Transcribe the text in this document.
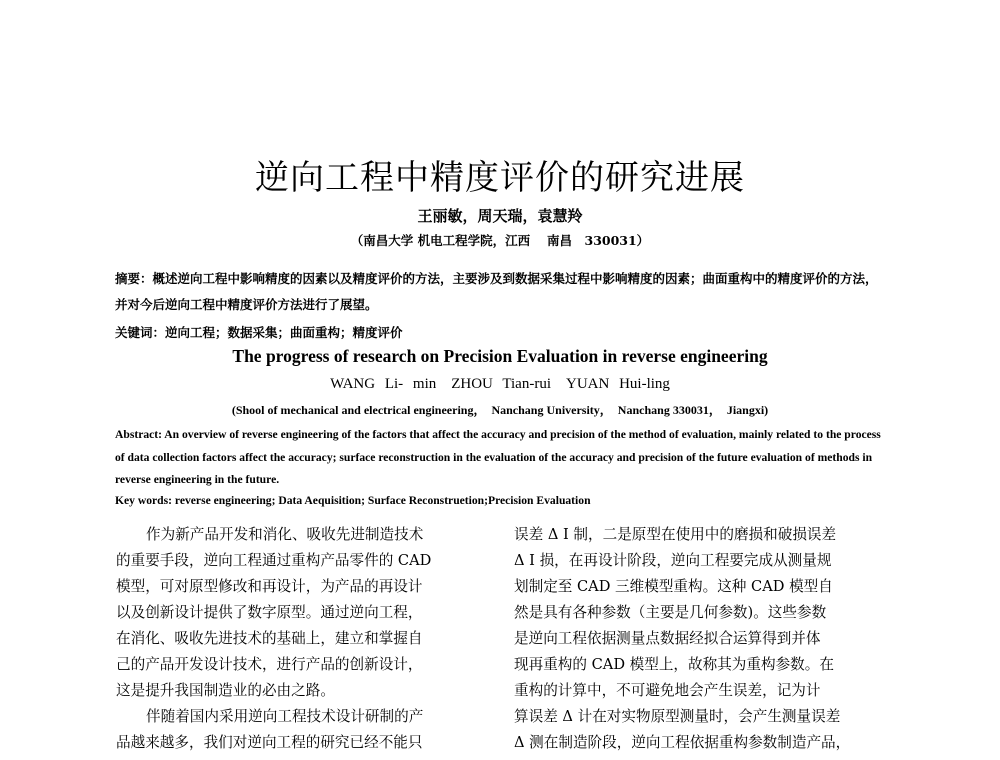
逆向工程中精度评价的研究进展
王丽敏，周天瑞，袁慧羚
（南昌大学 机电工程学院，江西　 南昌　330031）
摘要：概述逆向工程中影响精度的因素以及精度评价的方法，主要涉及到数据采集过程中影响精度的因素；曲面重构中的精度评价的方法，并对今后逆向工程中精度评价方法进行了展望。
关键词：逆向工程；数据采集；曲面重构；精度评价
The progress of research on Precision Evaluation in reverse engineering
WANG Li- min　ZHOU Tian-rui　YUAN Hui-ling
(Shool of mechanical and electrical engineering，　Nanchang University，　Nanchang 330031，　Jiangxi)
Abstract: An overview of reverse engineering of the factors that affect the accuracy and precision of the method of evaluation, mainly related to the process of data collection factors affect the accuracy; surface reconstruction in the evaluation of the accuracy and precision of the future evaluation of methods in reverse engineering in the future.
Key words: reverse engineering; Data Aequisition; Surface Reconstruetion;Precision Evaluation
作为新产品开发和消化、吸收先进制造技术
的重要手段，逆向工程通过重构产品零件的 CAD
模型，可对原型修改和再设计，为产品的再设计
以及创新设计提供了数字原型。通过逆向工程，
在消化、吸收先进技术的基础上，建立和掌握自
己的产品开发设计技术，进行产品的创新设计，
这是提升我国制造业的必由之路。
伴随着国内采用逆向工程技术设计研制的产
品越来越多，我们对逆向工程的研究已经不能只
误差 Δ I 制，二是原型在使用中的磨损和破损误差
Δ I 损，在再设计阶段，逆向工程要完成从测量规
划制定至 CAD 三维模型重构。这种 CAD 模型自
然是具有各种参数（主要是几何参数)。这些参数
是逆向工程依据测量点数据经拟合运算得到并体
现再重构的 CAD 模型上，故称其为重构参数。在
重构的计算中，不可避免地会产生误差，记为计
算误差 Δ 计在对实物原型测量时，会产生测量误差
Δ 测在制造阶段，逆向工程依据重构参数制造产品，
